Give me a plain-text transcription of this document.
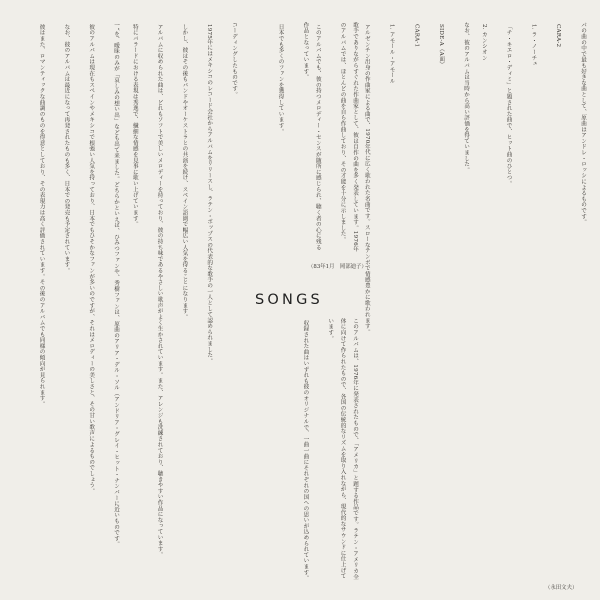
パの曲の中で最も好きな曲として、原曲はアンドレ・ロッシによるものです。

CARA-2

1. ラ・ノーチェ

「チ・キエロ・ディミ」と題された曲で、ヒット曲のひとつ。

2. カンシオン

なお、彼のアルバムは当時から高い評価を得ていました。

SIDE-A（A面）

CARA-1

1. アモール・アモール

アルゼンチン出身の作曲家による曲で、1970年代に広く歌われた名曲です。スローなテンポで情感豊かに歌われます。

歌手でありながらすぐれた作曲家として、彼は自作の曲を多く発表しています。1976年のアルバムでは、ほとんどの曲を自ら作曲しており、その才能を十分に示しました。

このアルバムでも、彼の持つメロディー・センスが随所に感じられ、聴く者の心に残る作品となっています。

日本でも多くのファンを獲得しています。
このアルバムは、1976年に発表されたもので、「アメリカ」と題する作品です。ラテン・アメリカ全体に向けて作られたもので、各国の伝統的なリズムを取り入れながら、現代的なサウンドに仕上げています。

収録された曲はいずれも彼のオリジナルで、一曲一曲にそれぞれの国への思いが込められています。
コーディングしたものです。

1975年にはメキシコのレコード会社からアルバムをリリースし、ラテン・ポップスの代表的な歌手の一人として認められました。

しかし、彼はその後もバンドやオーケストラとの共演を続け、スペイン語圏で幅広い人気を得ることになります。

アルバムに収められた曲は、どれもソフトで美しいメロディーを持っており、彼の持ち味であるやさしい歌声がよく生かされています。また、アレンジも洗練されており、聴きやすい作品になっています。

特にバラードにおける表現は秀逸で、繊細な情感を見事に歌い上げています。
一“を、曖昧のみが「哀しみの想い出」なども出て来ました。どちらかといえば、ひみつファンや、秀樹ファンは、原曲のアリア・デル・ソル（アンドリア・グレイ・ヒット・ナンバーに近いものです。

彼のアルバムは現在もスペインやメキシコで根強い人気を持っており、日本でもひそかなファンが多いのですが、それはメロディーの美しさと、その甘い歌声によるものでしょう。

なお、彼のアルバムは最近になって再発されたものも多く、日本での発売も予定されています。

彼はまた、ロマンティックな曲調のものを得意としており、その表現力は高く評価されています。その後のアルバムでも同様の傾向が見られます。	（83年1月　岡部迪子）
SONGS
（永田文夫）
